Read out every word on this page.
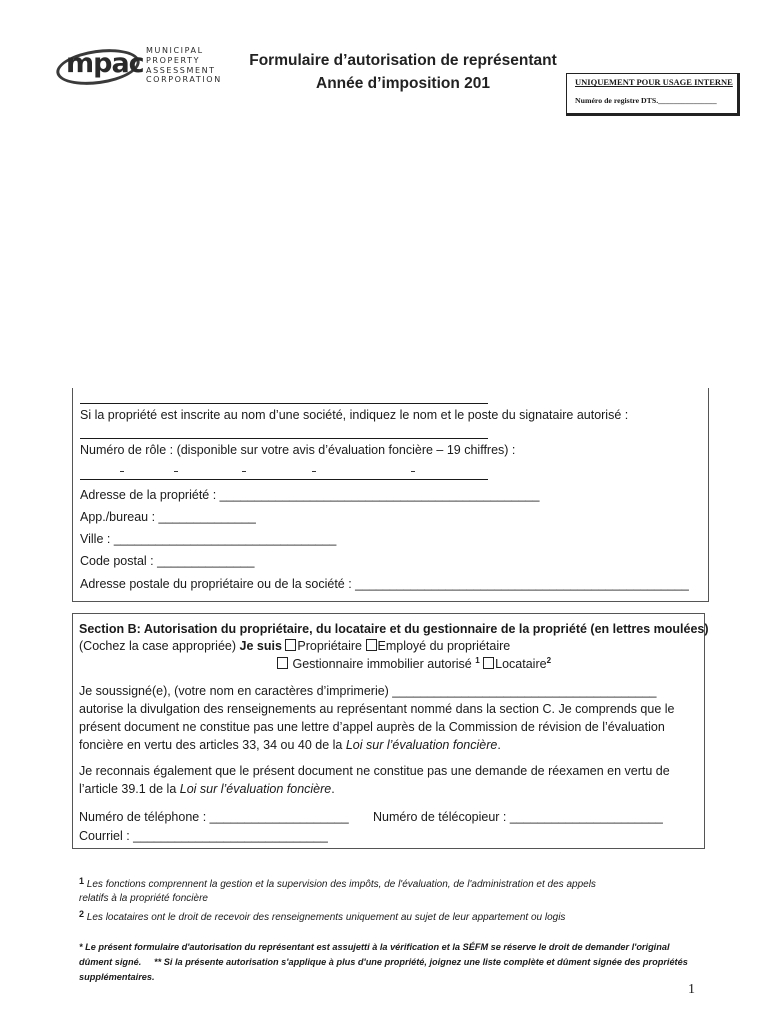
mpac MUNICIPAL
PROPERTY
ASSESSMENT
CORPORATION
Formulaire d’autorisation de représentant
Année d’imposition 201	UNIQUEMENT POUR USAGE INTERNE
Numéro de registre DTS._______________
Si la propriété est inscrite au nom d’une société, indiquez le nom et le poste du signataire autorisé :
Numéro de rôle : (disponible sur votre avis d’évaluation foncière – 19 chiffres) :
Adresse de la propriété : ______________________________________________
App./bureau : ______________
Ville : ________________________________
Code postal : ______________
Adresse postale du propriétaire ou de la société : ________________________________________________
Section B: Autorisation du propriétaire, du locataire et du gestionnaire de la propriété (en lettres moulées)
(Cochez la case appropriée) Je suis Propriétaire Employé du propriétaire
Gestionnaire immobilier autorisé $^1$ Locataire$^2$
Je soussigné(e), (votre nom en caractères d’imprimerie) ______________________________________
autorise la divulgation des renseignements au représentant nommé dans la section C. Je comprends que le
présent document ne constitue pas une lettre d’appel auprès de la Commission de révision de l’évaluation
foncière en vertu des articles 33, 34 ou 40 de la Loi sur l’évaluation foncière.
Je reconnais également que le présent document ne constitue pas une demande de réexamen en vertu de
l’article 39.1 de la Loi sur l’évaluation foncière.
Numéro de téléphone : ____________________ Numéro de télécopieur : ______________________
Courriel : ____________________________
1 Les fonctions comprennent la gestion et la supervision des impôts, de l'évaluation, de l'administration et des appels
relatifs à la propriété foncière
2 Les locataires ont le droit de recevoir des renseignements uniquement au sujet de leur appartement ou logis
* Le présent formulaire d'autorisation du représentant est assujetti à la vérification et la SÉFM se réserve le droit de demander l'original dûment signé. ** Si la présente autorisation s'applique à plus d'une propriété, joignez une liste complète et dûment signée des propriétés supplémentaires.
1
